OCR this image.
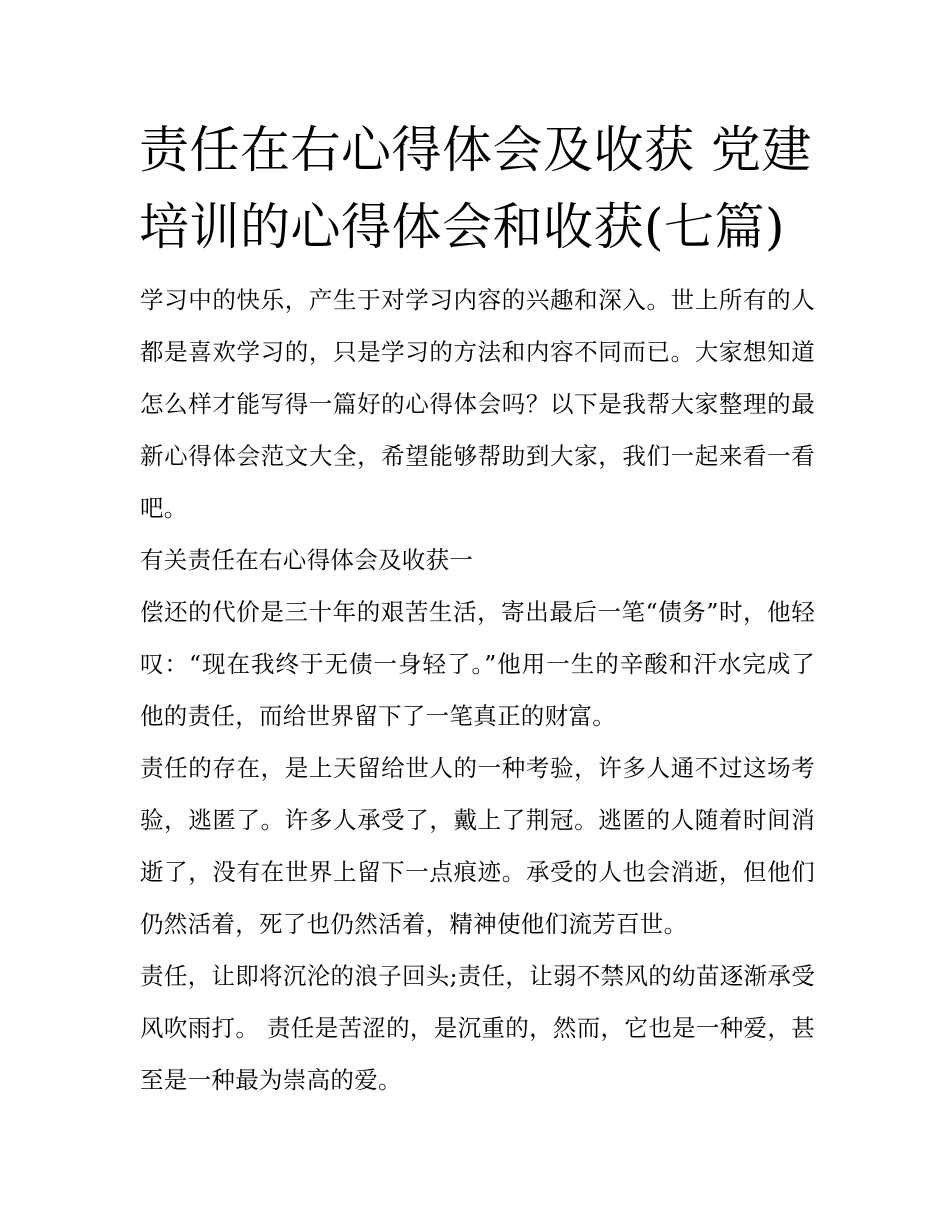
责任在右心得体会及收获 党建培训的心得体会和收获(七篇)

学习中的快乐，产生于对学习内容的兴趣和深入。世上所有的人都是喜欢学习的，只是学习的方法和内容不同而已。大家想知道怎么样才能写得一篇好的心得体会吗？以下是我帮大家整理的最新心得体会范文大全，希望能够帮助到大家，我们一起来看一看吧。

有关责任在右心得体会及收获一

偿还的代价是三十年的艰苦生活，寄出最后一笔“债务”时，他轻叹：“现在我终于无债一身轻了。”他用一生的辛酸和汗水完成了他的责任，而给世界留下了一笔真正的财富。

责任的存在，是上天留给世人的一种考验，许多人通不过这场考验，逃匿了。许多人承受了，戴上了荆冠。逃匿的人随着时间消逝了，没有在世界上留下一点痕迹。承受的人也会消逝，但他们仍然活着，死了也仍然活着，精神使他们流芳百世。

责任，让即将沉沦的浪子回头;责任，让弱不禁风的幼苗逐渐承受风吹雨打。 责任是苦涩的，是沉重的，然而，它也是一种爱，甚至是一种最为崇高的爱。
